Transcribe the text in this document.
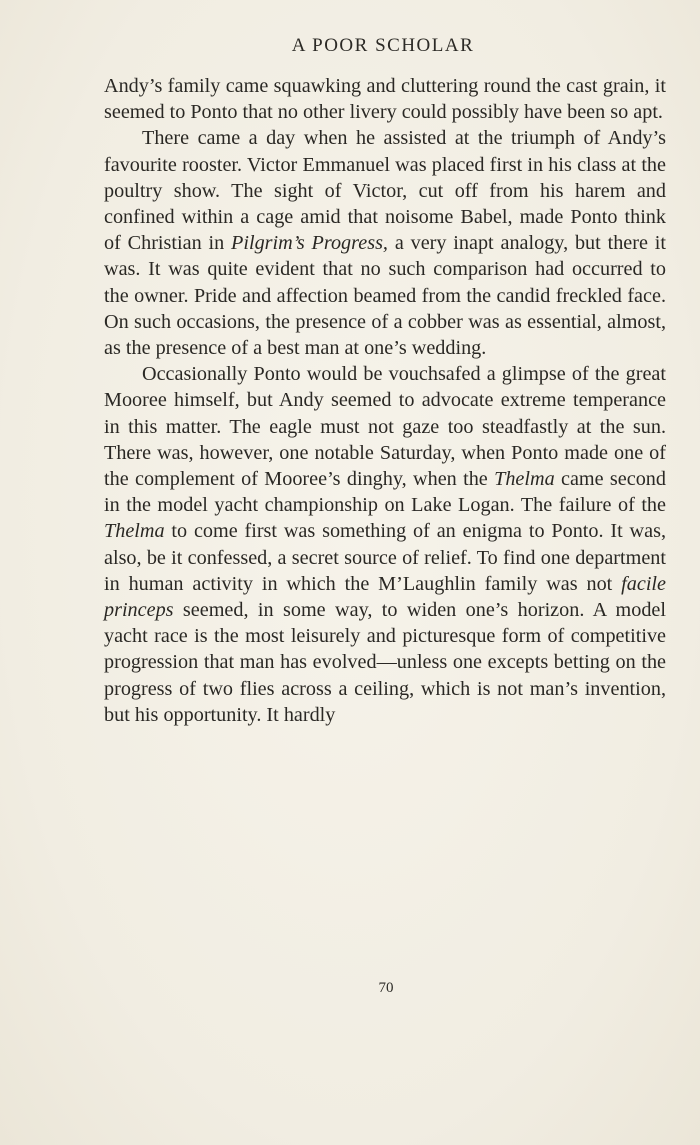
A POOR SCHOLAR

Andy’s family came squawking and cluttering round the cast grain, it seemed to Ponto that no other livery could possibly have been so apt.

There came a day when he assisted at the triumph of Andy’s favourite rooster. Victor Emmanuel was placed first in his class at the poultry show. The sight of Victor, cut off from his harem and confined within a cage amid that noisome Babel, made Ponto think of Christian in Pilgrim’s Progress, a very inapt analogy, but there it was. It was quite evident that no such comparison had occurred to the owner. Pride and affection beamed from the candid freckled face. On such occasions, the presence of a cobber was as essential, almost, as the presence of a best man at one’s wedding.

Occasionally Ponto would be vouchsafed a glimpse of the great Mooree himself, but Andy seemed to advocate extreme temperance in this matter. The eagle must not gaze too steadfastly at the sun. There was, however, one notable Saturday, when Ponto made one of the complement of Mooree’s dinghy, when the Thelma came second in the model yacht championship on Lake Logan. The failure of the Thelma to come first was something of an enigma to Ponto. It was, also, be it confessed, a secret source of relief. To find one department in human activity in which the M’Laughlin family was not facile princeps seemed, in some way, to widen one’s horizon. A model yacht race is the most leisurely and picturesque form of competitive progression that man has evolved—unless one excepts betting on the progress of two flies across a ceiling, which is not man’s invention, but his opportunity. It hardly

70
